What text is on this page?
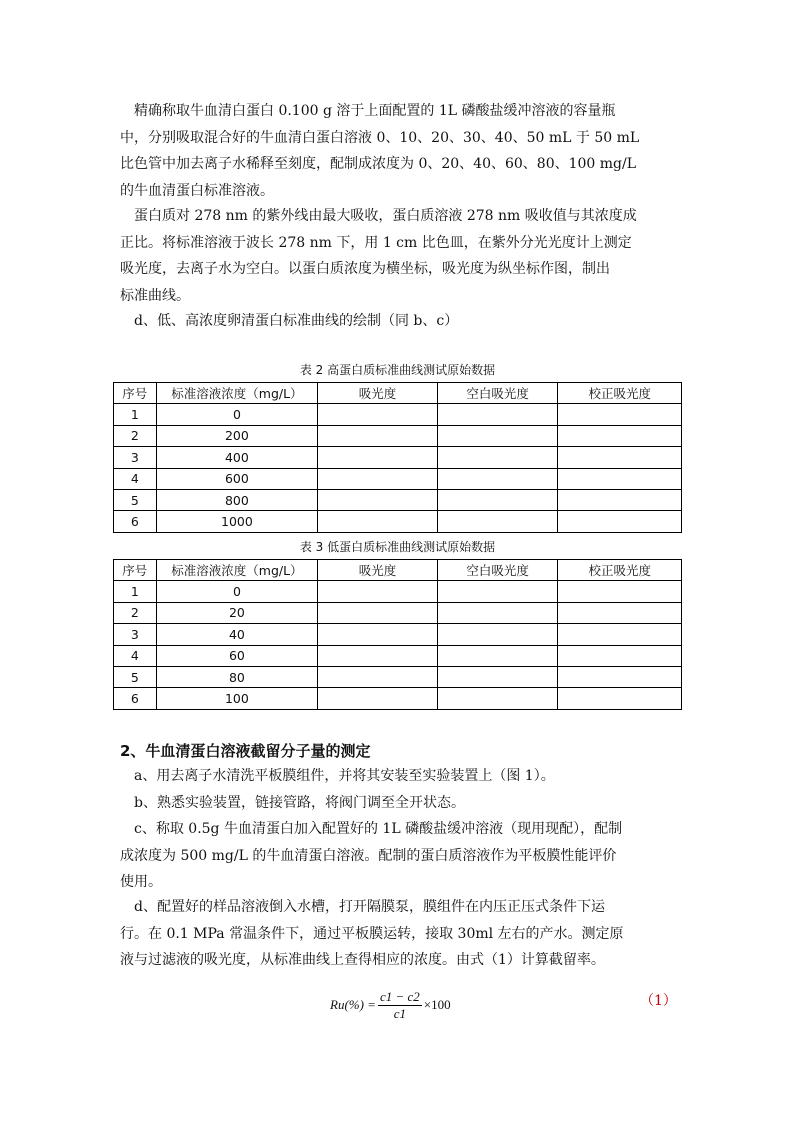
　精确称取牛血清白蛋白 0.100 g 溶于上面配置的 1L 磷酸盐缓冲溶液的容量瓶
中，分别吸取混合好的牛血清白蛋白溶液 0、10、20、30、40、50 mL 于 50 mL
比色管中加去离子水稀释至刻度，配制成浓度为 0、20、40、60、80、100 mg/L
的牛血清蛋白标准溶液。
　蛋白质对 278 nm 的紫外线由最大吸收，蛋白质溶液 278 nm 吸收值与其浓度成
正比。将标准溶液于波长 278 nm 下，用 1 cm 比色皿，在紫外分光光度计上测定
吸光度，去离子水为空白。以蛋白质浓度为横坐标，吸光度为纵坐标作图，制出
标准曲线。
　d、低、高浓度卵清蛋白标准曲线的绘制（同 b、c）
表 2 高蛋白质标准曲线测试原始数据
序号	标准溶液浓度（mg/L）	吸光度	空白吸光度	校正吸光度
1	0			
2	200			
3	400			
4	600			
5	800			
6	1000			
表 3 低蛋白质标准曲线测试原始数据
序号	标准溶液浓度（mg/L）	吸光度	空白吸光度	校正吸光度
1	0			
2	20			
3	40			
4	60			
5	80			
6	100			
2、牛血清蛋白溶液截留分子量的测定
　a、用去离子水清洗平板膜组件，并将其安装至实验装置上（图 1）。
　b、熟悉实验装置，链接管路，将阀门调至全开状态。
　c、称取 0.5g 牛血清蛋白加入配置好的 1L 磷酸盐缓冲溶液（现用现配），配制
成浓度为 500 mg/L 的牛血清蛋白溶液。配制的蛋白质溶液作为平板膜性能评价
使用。
　d、配置好的样品溶液倒入水槽，打开隔膜泵，膜组件在内压正压式条件下运
行。在 0.1 MPa 常温条件下，通过平板膜运转，接取 30ml 左右的产水。测定原
液与过滤液的吸光度，从标准曲线上查得相应的浓度。由式（1）计算截留率。
$Ru(\%) = \frac{c1 - c2}{c1} \times 100$	（1）
